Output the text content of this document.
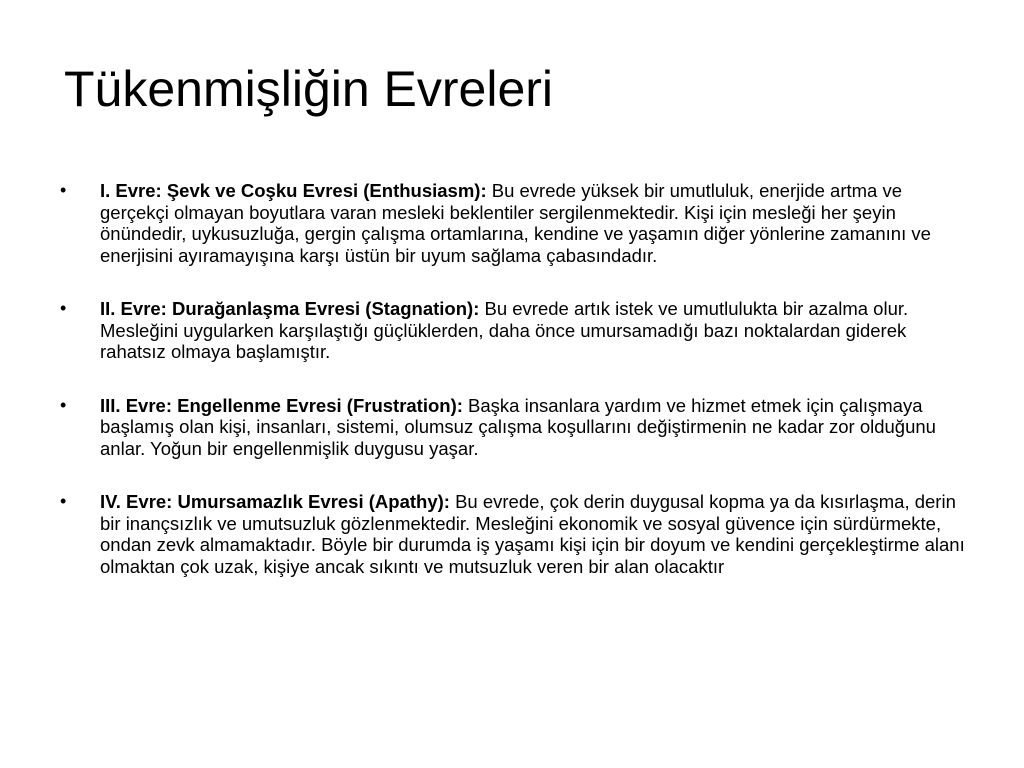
Tükenmişliğin Evreleri
•	I. Evre: Şevk ve Coşku Evresi (Enthusiasm): Bu evrede yüksek bir umutluluk, enerjide artma ve gerçekçi olmayan boyutlara varan mesleki beklentiler sergilenmektedir. Kişi için mesleği her şeyin önündedir, uykusuzluğa, gergin çalışma ortamlarına, kendine ve yaşamın diğer yönlerine zamanını ve enerjisini ayıramayışına karşı üstün bir uyum sağlama çabasındadır.
•	II. Evre: Durağanlaşma Evresi (Stagnation): Bu evrede artık istek ve umutlulukta bir azalma olur. Mesleğini uygularken karşılaştığı güçlüklerden, daha önce umursamadığı bazı noktalardan giderek rahatsız olmaya başlamıştır.
•	III. Evre: Engellenme Evresi (Frustration): Başka insanlara yardım ve hizmet etmek için çalışmaya başlamış olan kişi, insanları, sistemi, olumsuz çalışma koşullarını değiştirmenin ne kadar zor olduğunu anlar. Yoğun bir engellenmişlik duygusu yaşar.
•	IV. Evre: Umursamazlık Evresi (Apathy): Bu evrede, çok derin duygusal kopma ya da kısırlaşma, derin bir inançsızlık ve umutsuzluk gözlenmektedir. Mesleğini ekonomik ve sosyal güvence için sürdürmekte, ondan zevk almamaktadır. Böyle bir durumda iş yaşamı kişi için bir doyum ve kendini gerçekleştirme alanı olmaktan çok uzak, kişiye ancak sıkıntı ve mutsuzluk veren bir alan olacaktır
